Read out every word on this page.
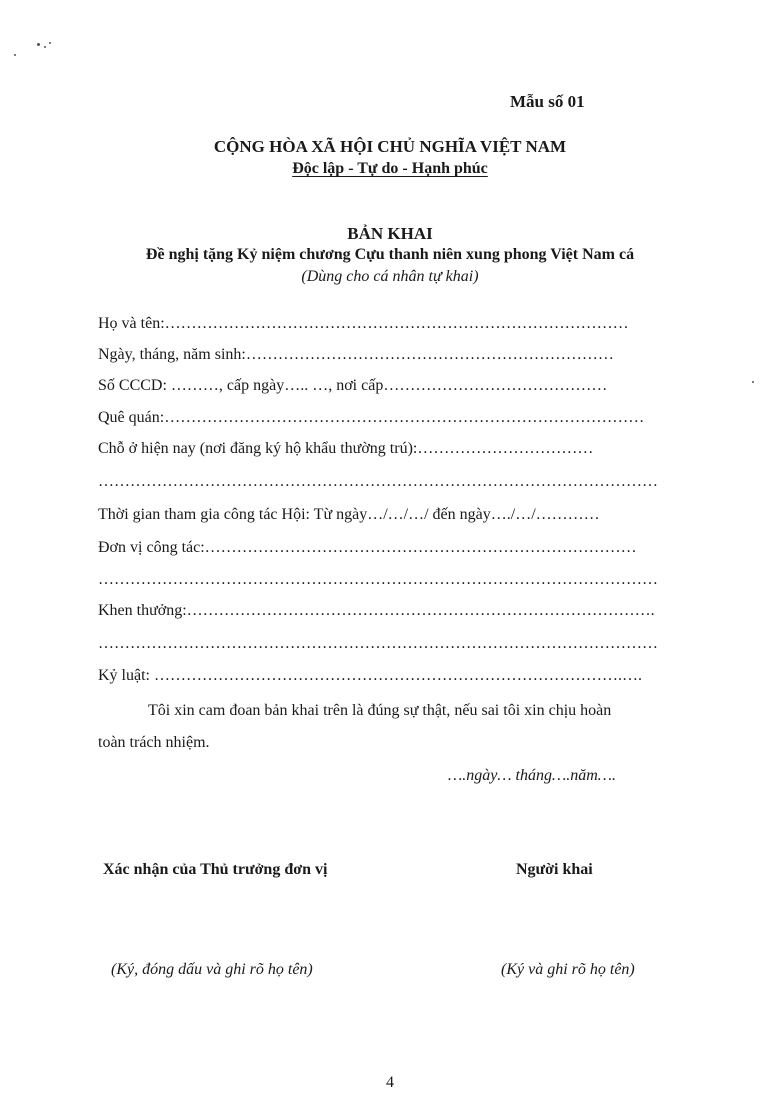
Mẫu số 01
CỘNG HÒA XÃ HỘI CHỦ NGHĨA VIỆT NAM
Độc lập - Tự do - Hạnh phúc
BẢN KHAI
Đề nghị tặng Kỷ niệm chương Cựu thanh niên xung phong Việt Nam cá
(Dùng cho cá nhân tự khai)
Họ và tên:……………………………………………………………………………
Ngày, tháng, năm sinh:……………………………………………………………
Số CCCD: ………, cấp ngày….. …, nơi cấp……………………………………
Quê quán:………………………………………………………………………………
Chỗ ở hiện nay (nơi đăng ký hộ khẩu thường trú):……………………………
……………………………………………………………………………………………
Thời gian tham gia công tác Hội: Từ ngày…/…/…/ đến ngày…./…/…………
Đơn vị công tác:………………………………………………………………………
……………………………………………………………………………………………
Khen thưởng:…………………………………………………………………………….
……………………………………………………………………………………………
Kỷ luật: …………………………………………………………………………….….
Tôi xin cam đoan bản khai trên là đúng sự thật, nếu sai tôi xin chịu hoàn
toàn trách nhiệm.
….ngày… tháng….năm….
Xác nhận của Thủ trưởng đơn vị	Người khai
(Ký, đóng dấu và ghi rõ họ tên)	(Ký và ghi rõ họ tên)
4
